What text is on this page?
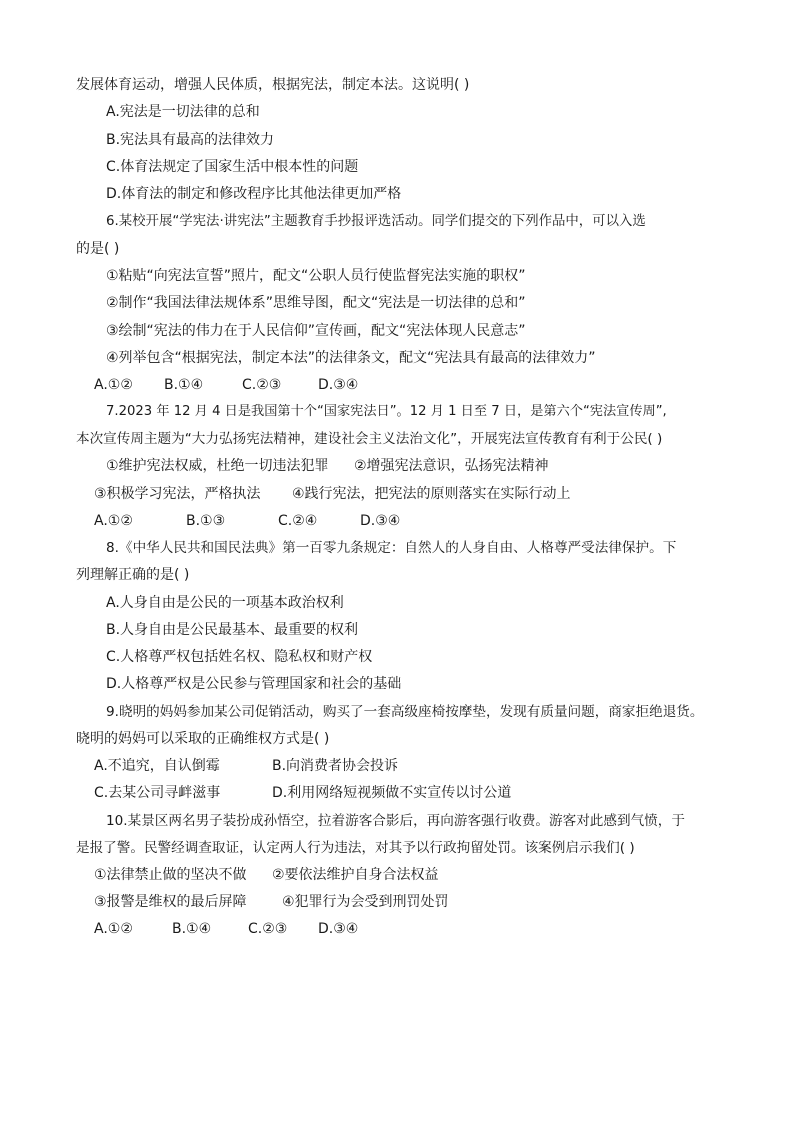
发展体育运动，增强人民体质，根据宪法，制定本法。这说明( )
A.宪法是一切法律的总和
B.宪法具有最高的法律效力
C.体育法规定了国家生活中根本性的问题
D.体育法的制定和修改程序比其他法律更加严格
6.某校开展“学宪法·讲宪法”主题教育手抄报评选活动。同学们提交的下列作品中，可以入选
的是( )
①粘贴“向宪法宣誓”照片，配文“公职人员行使监督宪法实施的职权”
②制作“我国法律法规体系”思维导图，配文“宪法是一切法律的总和”
③绘制“宪法的伟力在于人民信仰”宣传画，配文“宪法体现人民意志”
④列举包含“根据宪法，制定本法”的法律条文，配文“宪法具有最高的法律效力”
A.①② B.①④	C.②③	D.③④
7.2023 年 12 月 4 日是我国第十个“国家宪法日”。12 月 1 日至 7 日，是第六个“宪法宣传周”,
本次宣传周主题为“大力弘扬宪法精神，建设社会主义法治文化”，开展宪法宣传教育有利于公民( )
①维护宪法权威，杜绝一切违法犯罪 ②增强宪法意识，弘扬宪法精神
③积极学习宪法，严格执法 ④践行宪法，把宪法的原则落实在实际行动上
A.①②	B.①③	C.②④	D.③④
8.《中华人民共和国民法典》第一百零九条规定：自然人的人身自由、人格尊严受法律保护。下
列理解正确的是( )
A.人身自由是公民的一项基本政治权利
B.人身自由是公民最基本、最重要的权利
C.人格尊严权包括姓名权、隐私权和财产权
D.人格尊严权是公民参与管理国家和社会的基础
9.晓明的妈妈参加某公司促销活动，购买了一套高级座椅按摩垫，发现有质量问题，商家拒绝退货。
晓明的妈妈可以采取的正确维权方式是( )
A.不追究，自认倒霉	B.向消费者协会投诉
C.去某公司寻衅滋事	D.利用网络短视频做不实宣传以讨公道
10.某景区两名男子装扮成孙悟空，拉着游客合影后，再向游客强行收费。游客对此感到气愤，于
是报了警。民警经调查取证，认定两人行为违法，对其予以行政拘留处罚。该案例启示我们( )
①法律禁止做的坚决不做 ②要依法维护自身合法权益
③报警是维权的最后屏障	④犯罪行为会受到刑罚处罚
A.①②	B.①④	C.②③ D.③④
